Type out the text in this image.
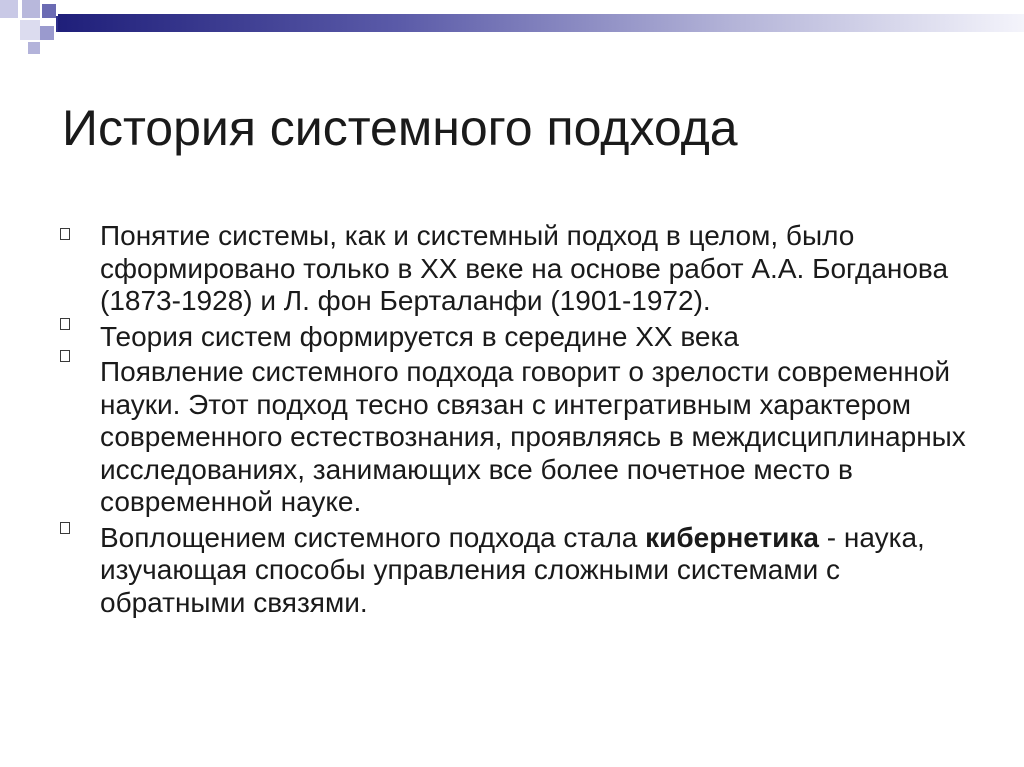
История системного подхода

Понятие системы, как и системный подход в целом, было сформировано только в XX веке на основе работ А.А. Богданова (1873-1928) и Л. фон Берталанфи (1901-1972).

Теория систем формируется в середине XX века

Появление системного подхода говорит о зрелости современной науки. Этот подход тесно связан с интегративным характером современного естествознания, проявляясь в междисциплинарных исследованиях, занимающих все более почетное место в современной науке.

Воплощением системного подхода стала кибернетика - наука, изучающая способы управления сложными системами с обратными связями.
